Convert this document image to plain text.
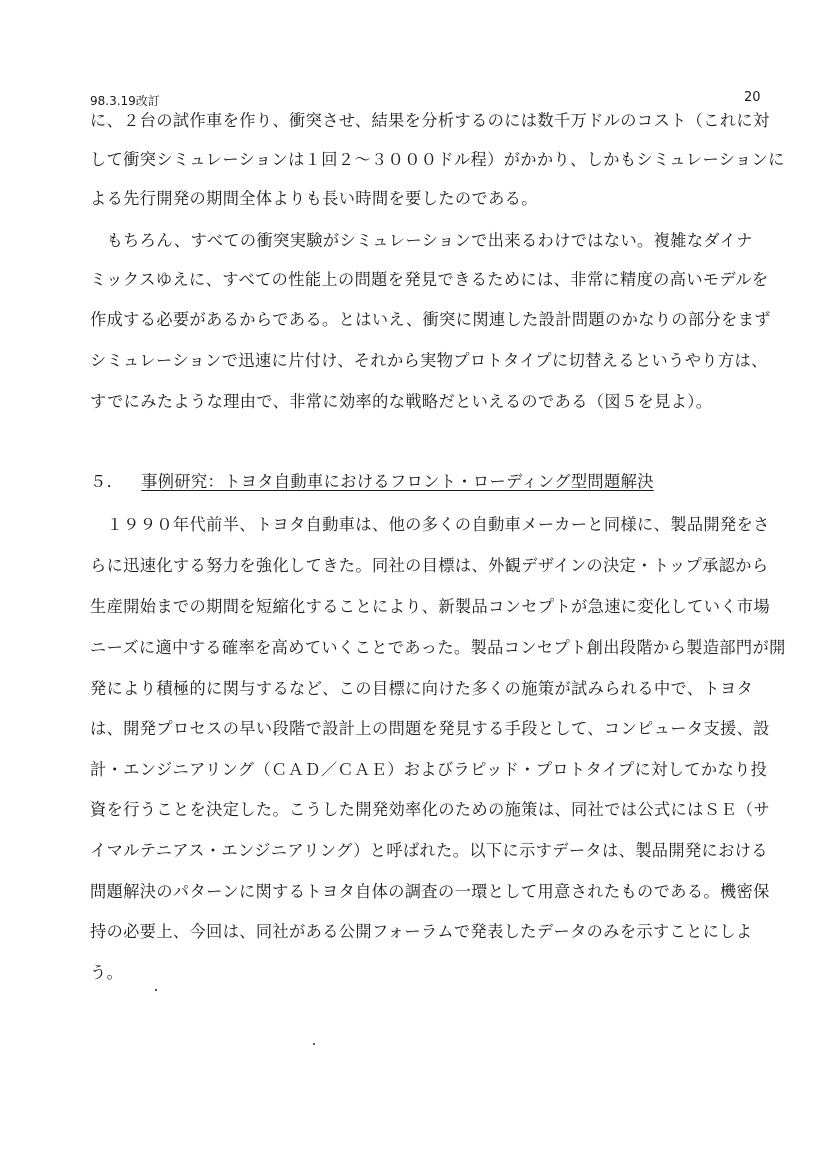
98.3.19改訂	20
に、２台の試作車を作り、衝突させ、結果を分析するのには数千万ドルのコスト（これに対
して衝突シミュレーションは１回２～３０００ドル程）がかかり、しかもシミュレーションに
よる先行開発の期間全体よりも長い時間を要したのである。
　もちろん、すべての衝突実験がシミュレーションで出来るわけではない。複雑なダイナ
ミックスゆえに、すべての性能上の問題を発見できるためには、非常に精度の高いモデルを
作成する必要があるからである。とはいえ、衝突に関連した設計問題のかなりの部分をまず
シミュレーションで迅速に片付け、それから実物プロトタイプに切替えるというやり方は、
すでにみたような理由で、非常に効率的な戦略だといえるのである（図５を見よ）。
５． 事例研究：トヨタ自動車におけるフロント・ローディング型問題解決
　１９９０年代前半、トヨタ自動車は、他の多くの自動車メーカーと同様に、製品開発をさ
らに迅速化する努力を強化してきた。同社の目標は、外観デザインの決定・トップ承認から
生産開始までの期間を短縮化することにより、新製品コンセプトが急速に変化していく市場
ニーズに適中する確率を高めていくことであった。製品コンセプト創出段階から製造部門が開
発により積極的に関与するなど、この目標に向けた多くの施策が試みられる中で、トヨタ
は、開発プロセスの早い段階で設計上の問題を発見する手段として、コンピュータ支援、設
計・エンジニアリング（ＣＡＤ／ＣＡＥ）およびラピッド・プロトタイプに対してかなり投
資を行うことを決定した。こうした開発効率化のための施策は、同社では公式にはＳＥ（サ
イマルテニアス・エンジニアリング）と呼ばれた。以下に示すデータは、製品開発における
問題解決のパターンに関するトヨタ自体の調査の一環として用意されたものである。機密保
持の必要上、今回は、同社がある公開フォーラムで発表したデータのみを示すことにしよ
う。
